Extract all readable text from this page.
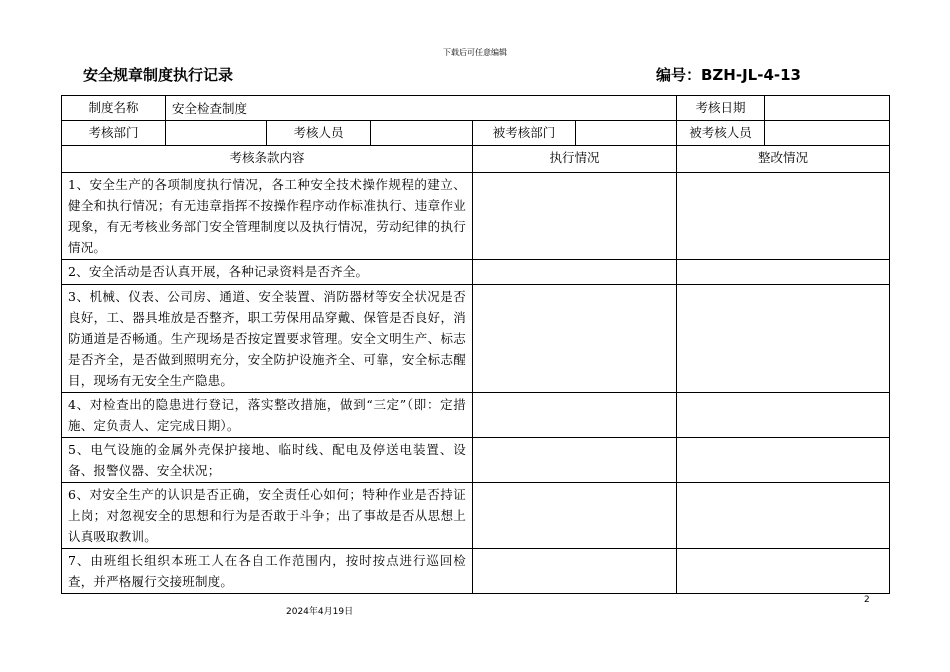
下载后可任意编辑
安全规章制度执行记录	编号：BZH-JL-4-13
制度名称	安全检查制度					考核日期	
考核部门		考核人员		被考核部门		被考核人员	
考核条款内容				执行情况		整改情况	
1、安全生产的各项制度执行情况，各工种安全技术操作规程的建立、健全和执行情况；有无违章指挥不按操作程序动作标准执行、违章作业现象，有无考核业务部门安全管理制度以及执行情况，劳动纪律的执行情况。							
2、安全活动是否认真开展，各种记录资料是否齐全。							
3、机械、仪表、公司房、通道、安全装置、消防器材等安全状况是否良好，工、器具堆放是否整齐，职工劳保用品穿戴、保管是否良好，消防通道是否畅通。生产现场是否按定置要求管理。安全文明生产、标志是否齐全，是否做到照明充分，安全防护设施齐全、可靠，安全标志醒目，现场有无安全生产隐患。							
4、对检查出的隐患进行登记，落实整改措施，做到“三定”（即：定措施、定负责人、定完成日期）。							
5、电气设施的金属外壳保护接地、临时线、配电及停送电装置、设备、报警仪器、安全状况；							
6、对安全生产的认识是否正确，安全责任心如何；特种作业是否持证上岗；对忽视安全的思想和行为是否敢于斗争；出了事故是否从思想上认真吸取教训。							
7、由班组长组织本班工人在各自工作范围内，按时按点进行巡回检查，并严格履行交接班制度。							
2024年4月19日
2
